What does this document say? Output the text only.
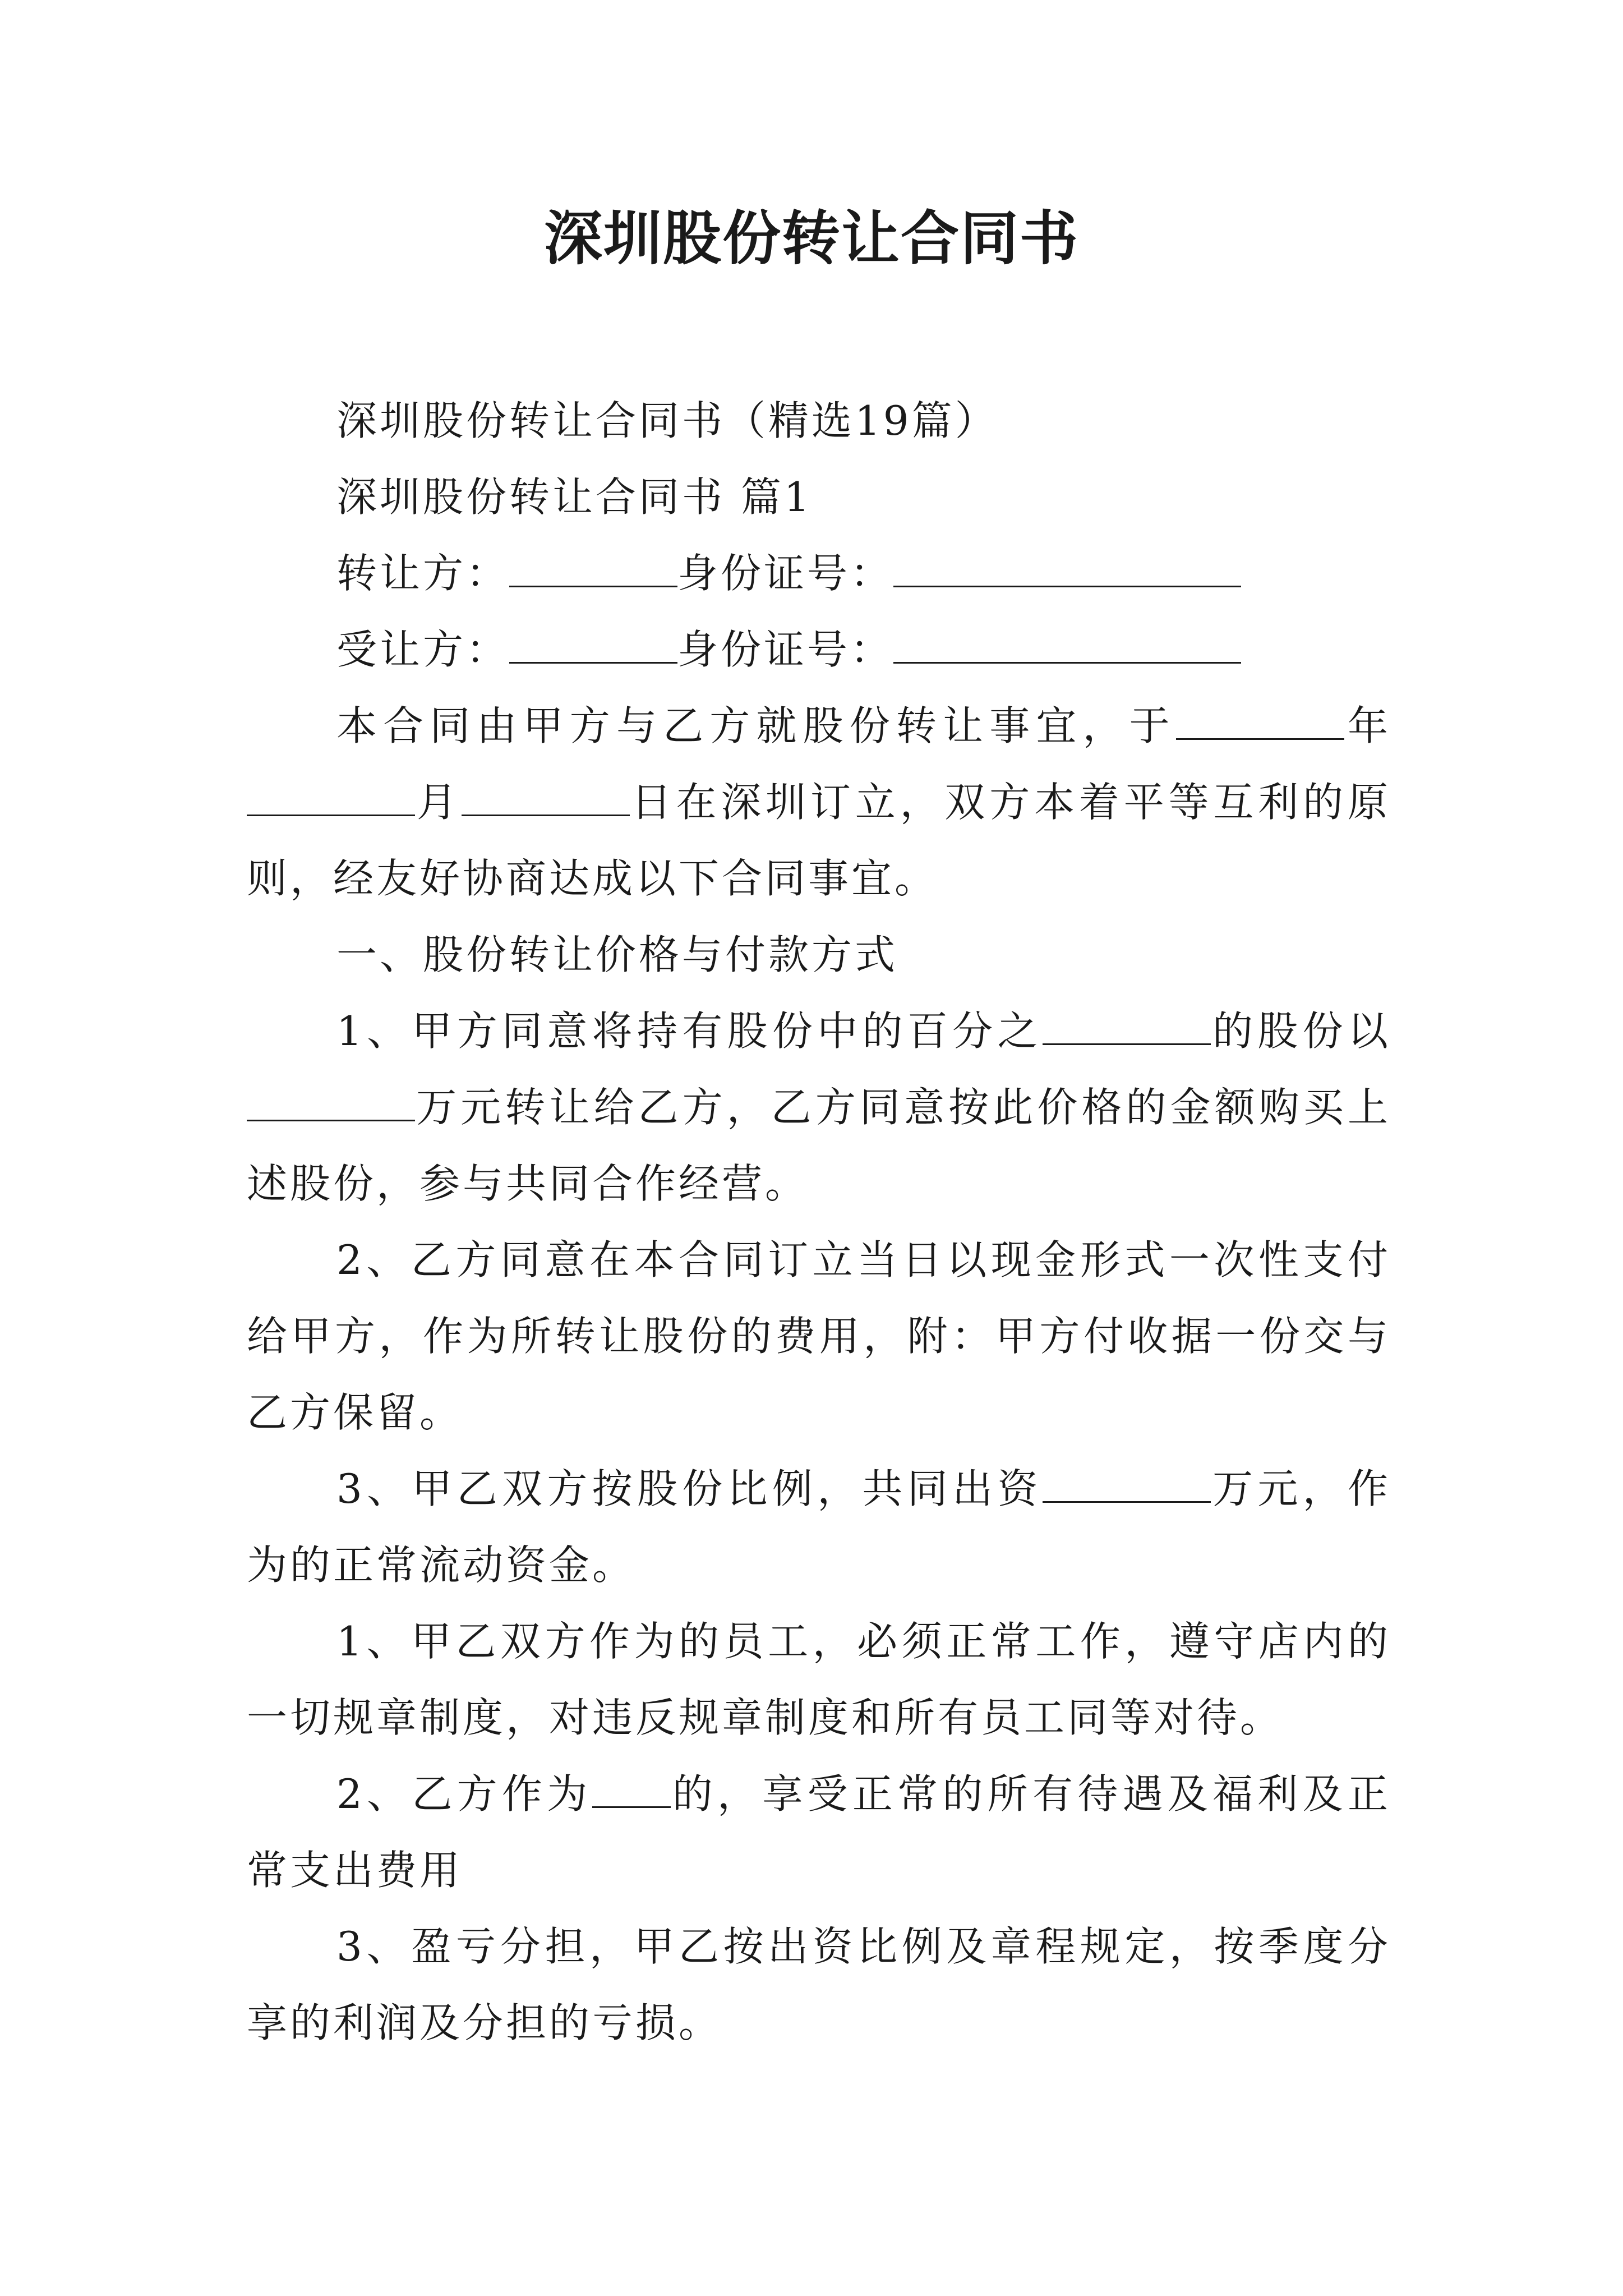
深圳股份转让合同书

深圳股份转让合同书（精选19篇）

深圳股份转让合同书 篇1

转让方：	身份证号：

受让方：	身份证号：

本合同由甲方与乙方就股份转让事宜，于	年月	日在深圳订立，双方本着平等互利的原则，经友好协商达成以下合同事宜。

一、股份转让价格与付款方式

1、甲方同意将持有股份中的百分之	的股份以万元转让给乙方，乙方同意按此价格的金额购买上述股份，参与共同合作经营。

2、乙方同意在本合同订立当日以现金形式一次性支付给甲方，作为所转让股份的费用，附：甲方付收据一份交与乙方保留。

3、甲乙双方按股份比例，共同出资	万元，作为的正常流动资金。

1、甲乙双方作为的员工，必须正常工作，遵守店内的一切规章制度，对违反规章制度和所有员工同等对待。

2、乙方作为 的，享受正常的所有待遇及福利及正常支出费用

3、盈亏分担，甲乙按出资比例及章程规定，按季度分享的利润及分担的亏损。
